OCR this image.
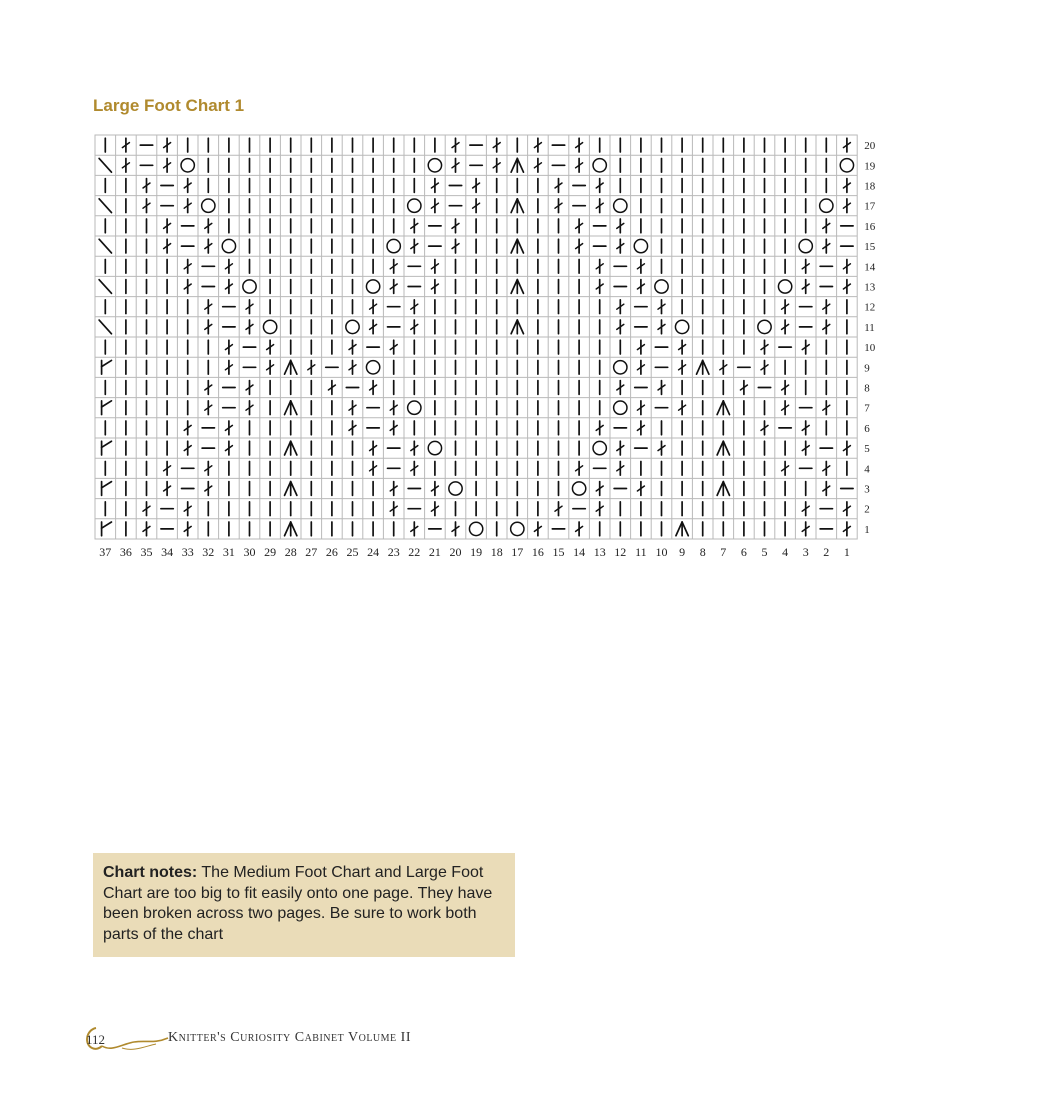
Large Foot Chart 1
37 36 35 34 33 32 31 30 29 28 27 26 25 24 23 22 21 20 19 18 17 16 15 14 13 12 11 10 9 8 7 6 5 4 3 2 1
20
19
18
17
16
15
14
13
12
11
10
9
8
7
6
5
4
3
2
1
Chart notes: The Medium Foot Chart and Large Foot Chart are too big to fit easily onto one page. They have been broken across two pages. Be sure to work both parts of the chart
112	Knitter's Curiosity Cabinet Volume II
